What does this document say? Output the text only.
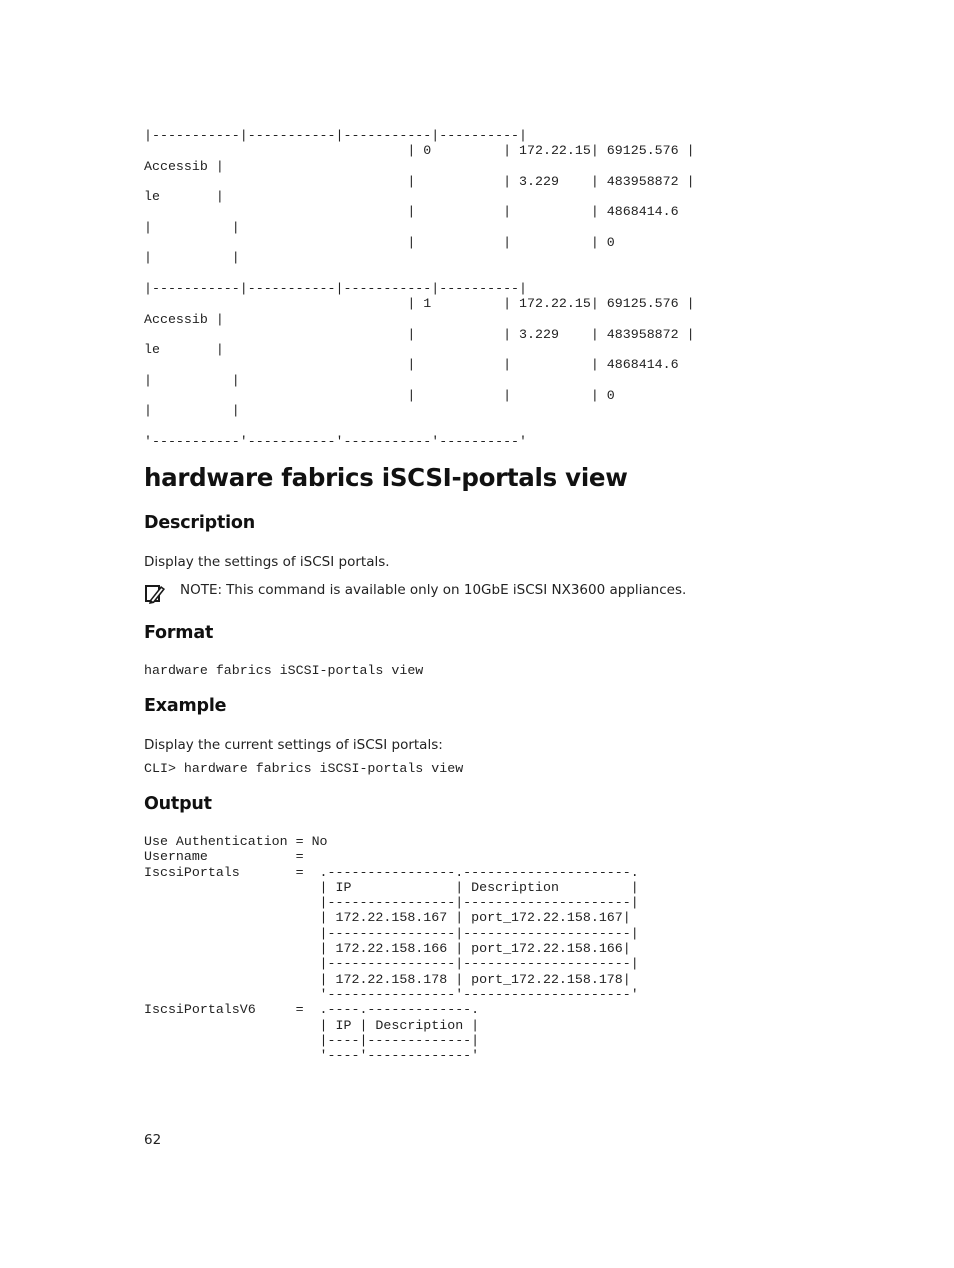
|-----------|-----------|-----------|----------|
| 0         | 172.22.15| 69125.576 |
Accessib |
|           | 3.229    | 483958872 |
le       |
|           |          | 4868414.6
|          |
|           |          | 0
|          |

|-----------|-----------|-----------|----------|
| 1         | 172.22.15| 69125.576 |
Accessib |
|           | 3.229    | 483958872 |
le       |
|           |          | 4868414.6
|          |
|           |          | 0
|          |

'-----------'-----------'-----------'----------'
hardware fabrics iSCSI-portals view
Description

Display the settings of iSCSI portals.

NOTE: This command is available only on 10GbE iSCSI NX3600 appliances.
Format
hardware fabrics iSCSI-portals view
Example

Display the current settings of iSCSI portals:

CLI> hardware fabrics iSCSI-portals view
Output
Use Authentication = No
Username           =
IscsiPortals       =  .----------------.---------------------.
| IP             | Description         |
|----------------|---------------------|
| 172.22.158.167 | port_172.22.158.167|
|----------------|---------------------|
| 172.22.158.166 | port_172.22.158.166|
|----------------|---------------------|
| 172.22.158.178 | port_172.22.158.178|
'----------------'---------------------'
IscsiPortalsV6     =  .----.-------------.
| IP | Description |
|----|-------------|
'----'-------------'

62
